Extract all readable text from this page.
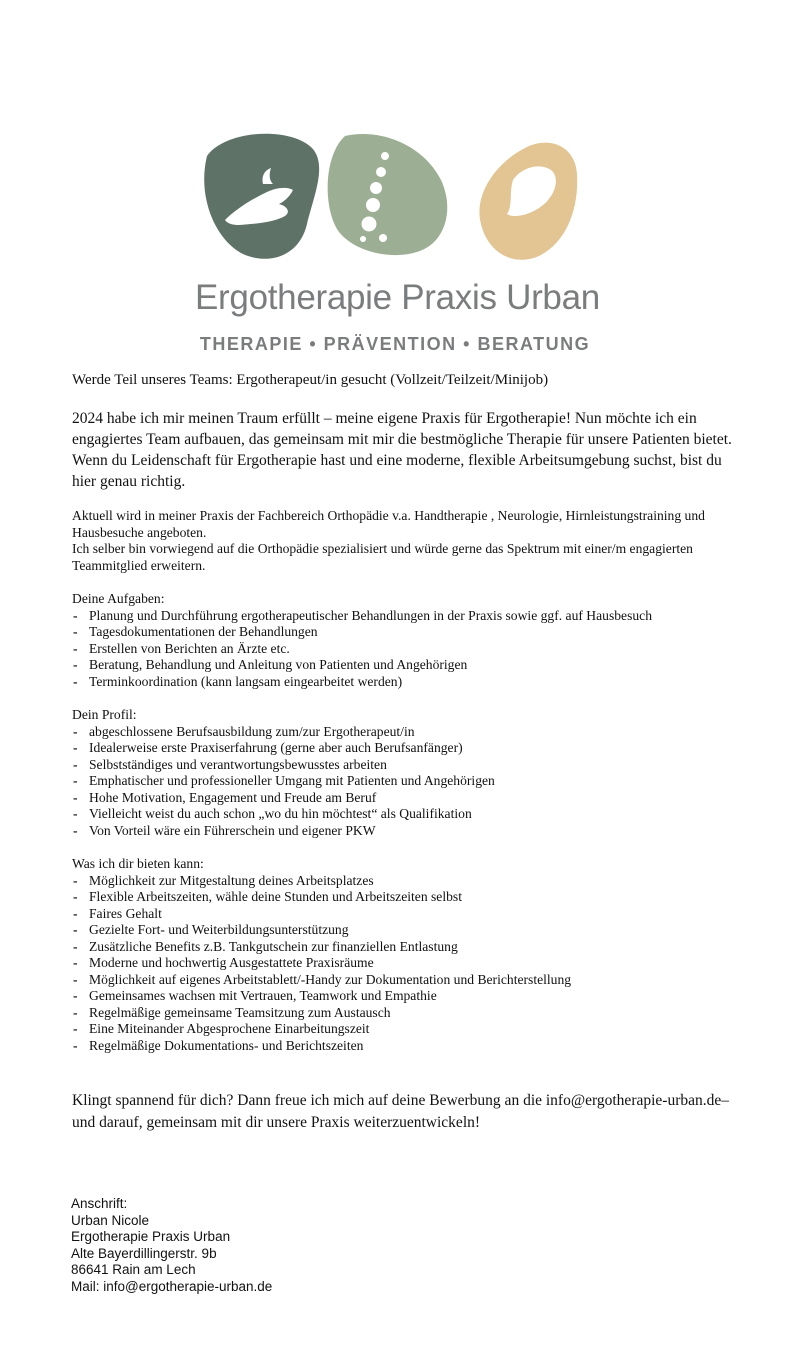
Ergotherapie Praxis Urban
THERAPIE • PRÄVENTION • BERATUNG

Werde Teil unseres Teams: Ergotherapeut/in gesucht (Vollzeit/Teilzeit/Minijob)

2024 habe ich mir meinen Traum erfüllt – meine eigene Praxis für Ergotherapie! Nun möchte ich ein engagiertes Team aufbauen, das gemeinsam mit mir die bestmögliche Therapie für unsere Patienten bietet. Wenn du Leidenschaft für Ergotherapie hast und eine moderne, flexible Arbeitsumgebung suchst, bist du hier genau richtig.

Aktuell wird in meiner Praxis der Fachbereich Orthopädie v.a. Handtherapie , Neurologie, Hirnleistungstraining und Hausbesuche angeboten.
Ich selber bin vorwiegend auf die Orthopädie spezialisiert und würde gerne das Spektrum mit einer/m engagierten Teammitglied erweitern.
Deine Aufgaben:
- Planung und Durchführung ergotherapeutischer Behandlungen in der Praxis sowie ggf. auf Hausbesuch
- Tagesdokumentationen der Behandlungen
- Erstellen von Berichten an Ärzte etc.
- Beratung, Behandlung und Anleitung von Patienten und Angehörigen
- Terminkoordination (kann langsam eingearbeitet werden)
Dein Profil:
- abgeschlossene Berufsausbildung zum/zur Ergotherapeut/in
- Idealerweise erste Praxiserfahrung (gerne aber auch Berufsanfänger)
- Selbstständiges und verantwortungsbewusstes arbeiten
- Emphatischer und professioneller Umgang mit Patienten und Angehörigen
- Hohe Motivation, Engagement und Freude am Beruf
- Vielleicht weist du auch schon „wo du hin möchtest“ als Qualifikation
- Von Vorteil wäre ein Führerschein und eigener PKW
Was ich dir bieten kann:
- Möglichkeit zur Mitgestaltung deines Arbeitsplatzes
- Flexible Arbeitszeiten, wähle deine Stunden und Arbeitszeiten selbst
- Faires Gehalt
- Gezielte Fort- und Weiterbildungsunterstützung
- Zusätzliche Benefits z.B. Tankgutschein zur finanziellen Entlastung
- Moderne und hochwertig Ausgestattete Praxisräume
- Möglichkeit auf eigenes Arbeitstablett/-Handy zur Dokumentation und Berichterstellung
- Gemeinsames wachsen mit Vertrauen, Teamwork und Empathie
- Regelmäßige gemeinsame Teamsitzung zum Austausch
- Eine Miteinander Abgesprochene Einarbeitungszeit
- Regelmäßige Dokumentations- und Berichtszeiten

Klingt spannend für dich? Dann freue ich mich auf deine Bewerbung an die info@ergotherapie-urban.de– und darauf, gemeinsam mit dir unsere Praxis weiterzuentwickeln!

Anschrift:
Urban Nicole
Ergotherapie Praxis Urban
Alte Bayerdillingerstr. 9b
86641 Rain am Lech
Mail: info@ergotherapie-urban.de
